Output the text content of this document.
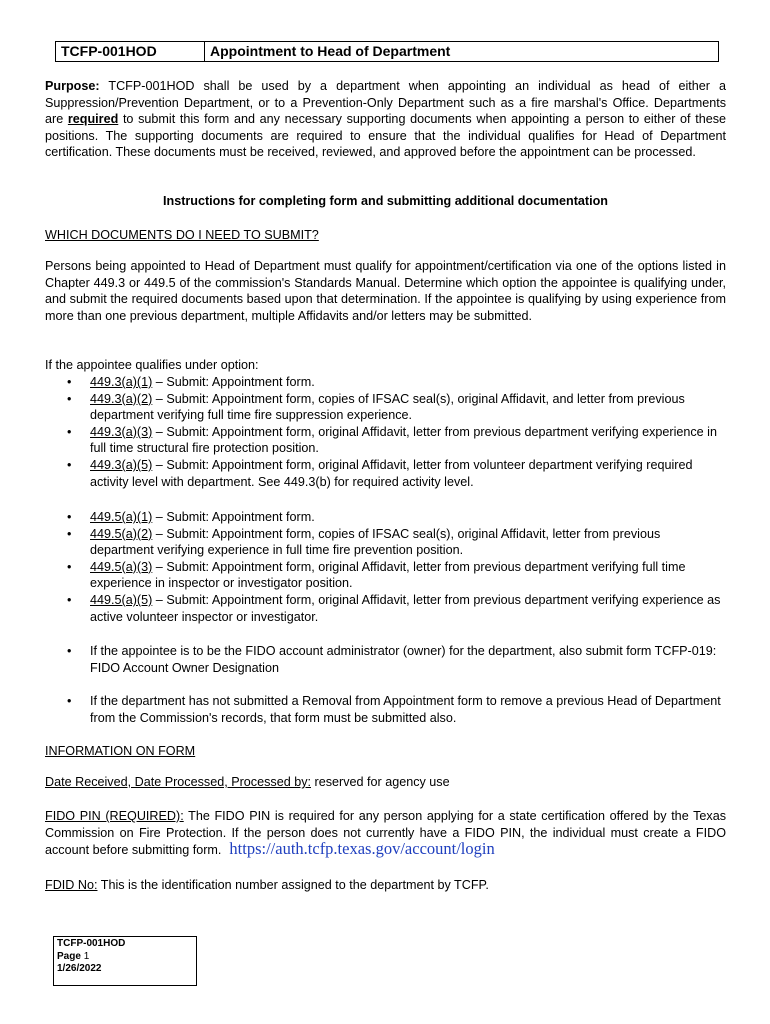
TCFP-001HOD	Appointment to Head of Department
Purpose: TCFP-001HOD shall be used by a department when appointing an individual as head of either a Suppression/Prevention Department, or to a Prevention-Only Department such as a fire marshal's Office. Departments are required to submit this form and any necessary supporting documents when appointing a person to either of these positions. The supporting documents are required to ensure that the individual qualifies for Head of Department certification. These documents must be received, reviewed, and approved before the appointment can be processed.
Instructions for completing form and submitting additional documentation
WHICH DOCUMENTS DO I NEED TO SUBMIT?
Persons being appointed to Head of Department must qualify for appointment/certification via one of the options listed in Chapter 449.3 or 449.5 of the commission's Standards Manual. Determine which option the appointee is qualifying under, and submit the required documents based upon that determination. If the appointee is qualifying by using experience from more than one previous department, multiple Affidavits and/or letters may be submitted.
If the appointee qualifies under option:
• 449.3(a)(1) – Submit: Appointment form.
• 449.3(a)(2) – Submit: Appointment form, copies of IFSAC seal(s), original Affidavit, and letter from previous department verifying full time fire suppression experience.
• 449.3(a)(3) – Submit: Appointment form, original Affidavit, letter from previous department verifying experience in full time structural fire protection position.
• 449.3(a)(5) – Submit: Appointment form, original Affidavit, letter from volunteer department verifying required activity level with department. See 449.3(b) for required activity level.
• 449.5(a)(1) – Submit: Appointment form.
• 449.5(a)(2) – Submit: Appointment form, copies of IFSAC seal(s), original Affidavit, letter from previous department verifying experience in full time fire prevention position.
• 449.5(a)(3) – Submit: Appointment form, original Affidavit, letter from previous department verifying full time experience in inspector or investigator position.
• 449.5(a)(5) – Submit: Appointment form, original Affidavit, letter from previous department verifying experience as active volunteer inspector or investigator.
• If the appointee is to be the FIDO account administrator (owner) for the department, also submit form TCFP-019: FIDO Account Owner Designation
• If the department has not submitted a Removal from Appointment form to remove a previous Head of Department from the Commission's records, that form must be submitted also.
INFORMATION ON FORM
Date Received, Date Processed, Processed by: reserved for agency use
FIDO PIN (REQUIRED): The FIDO PIN is required for any person applying for a state certification offered by the Texas Commission on Fire Protection. If the person does not currently have a FIDO PIN, the individual must create a FIDO account before submitting form. https://auth.tcfp.texas.gov/account/login
FDID No: This is the identification number assigned to the department by TCFP.
TCFP-001HOD
Page 1
1/26/2022
